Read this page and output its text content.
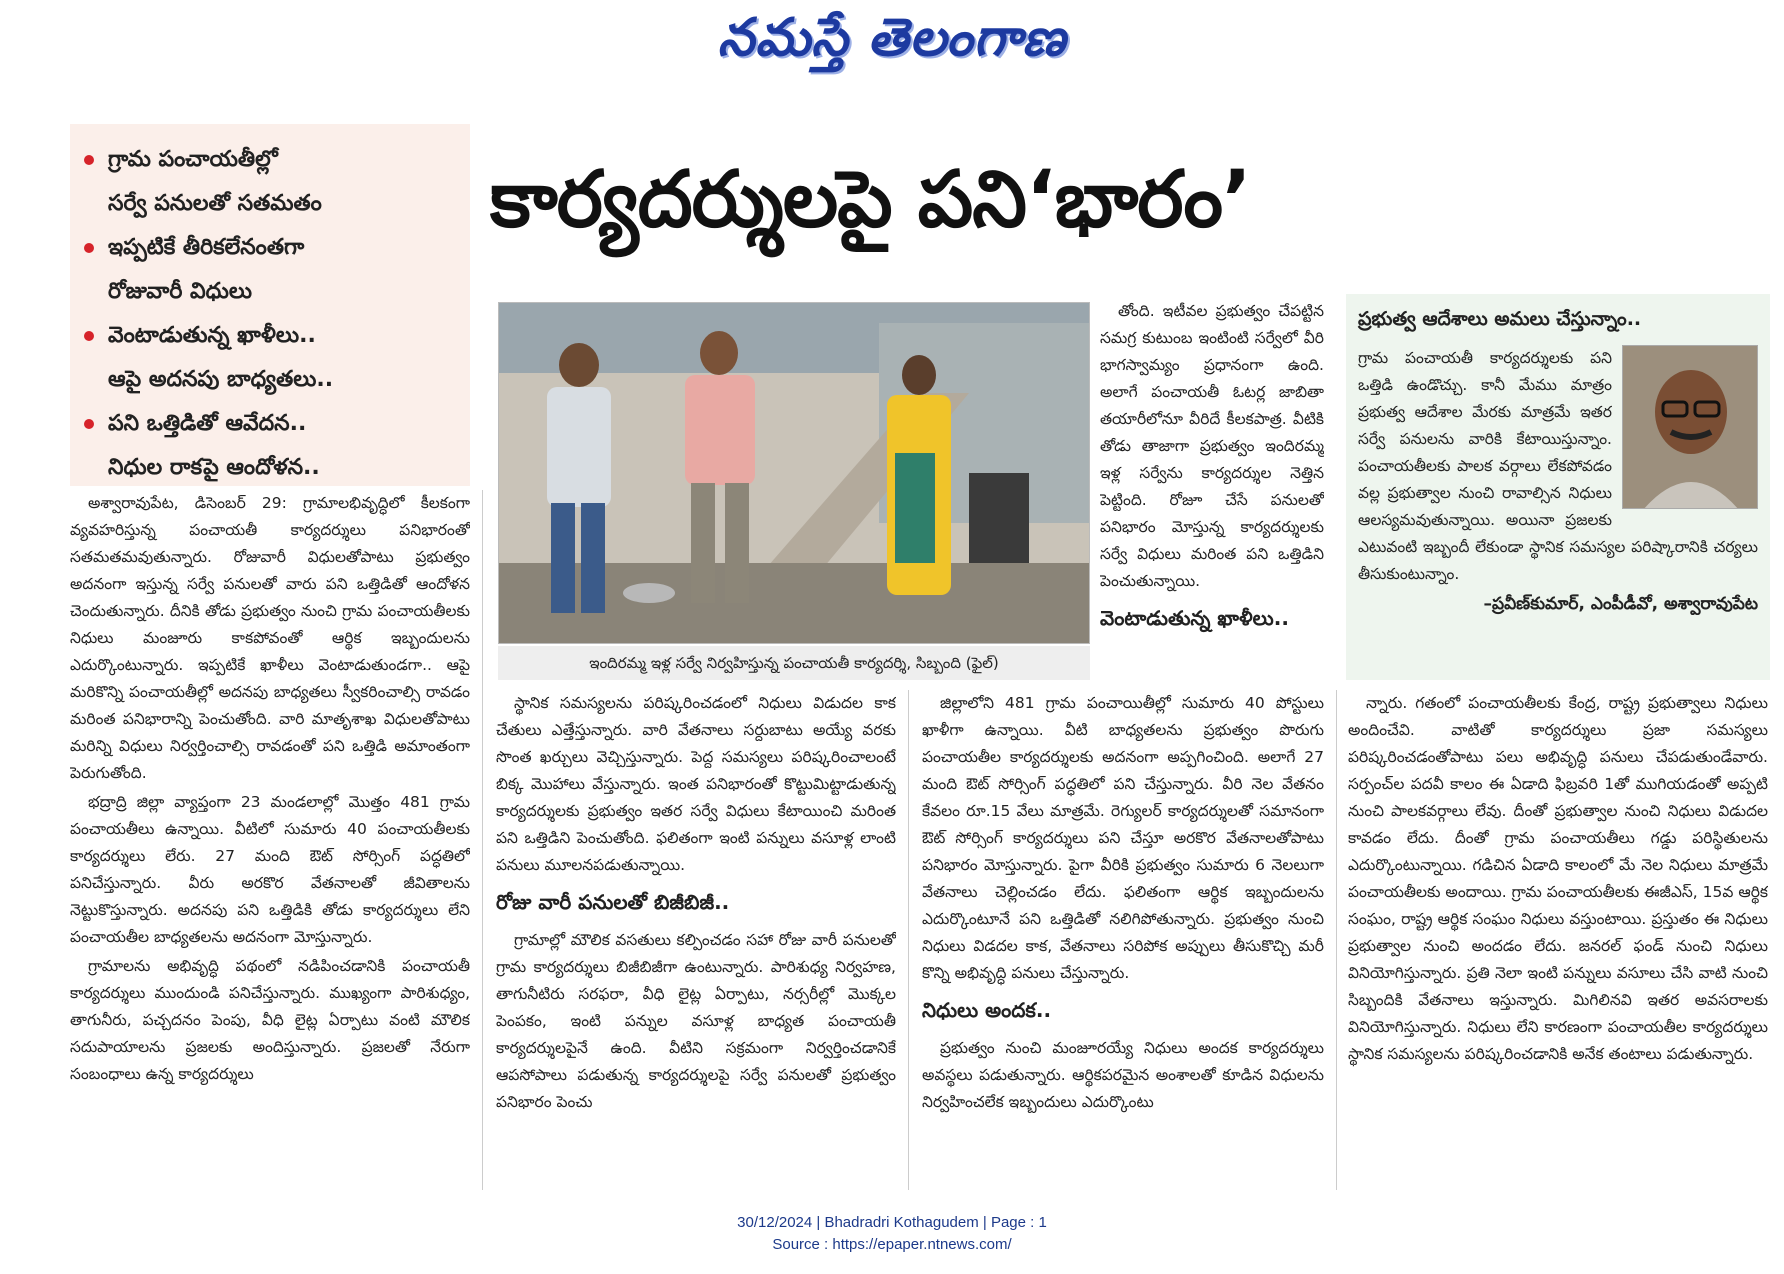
నమస్తే తెలంగాణ
గ్రామ పంచాయతీల్లో
సర్వే పనులతో సతమతం
ఇప్పటికే తీరికలేనంతగా
రోజువారీ విధులు
వెంటాడుతున్న ఖాళీలు..
ఆపై అదనపు బాధ్యతలు..
పని ఒత్తిడితో ఆవేదన..
నిధుల రాకపై ఆందోళన..
కార్యదర్శులపై పని‘భారం’
ఇందిరమ్మ ఇళ్ల సర్వే నిర్వహిస్తున్న పంచాయతీ కార్యదర్శి, సిబ్బంది (ఫైల్)

అశ్వారావుపేట, డిసెంబర్ 29: గ్రామాలభివృద్ధిలో కీలకంగా వ్యవహరిస్తున్న పంచాయతీ కార్యదర్శులు పనిభారంతో సతమతమవుతున్నారు. రోజువారీ విధులతోపాటు ప్రభుత్వం అదనంగా ఇస్తున్న సర్వే పనులతో వారు పని ఒత్తిడితో ఆందోళన చెందుతున్నారు. దీనికి తోడు ప్రభుత్వం నుంచి గ్రామ పంచాయతీలకు నిధులు మంజూరు కాకపోవంతో ఆర్థిక ఇబ్బందులను ఎదుర్కొంటున్నారు. ఇప్పటికే ఖాళీలు వెంటాడుతుండగా.. ఆపై మరికొన్ని పంచాయతీల్లో అదనపు బాధ్యతలు స్వీకరించాల్సి రావడం మరింత పనిభారాన్ని పెంచుతోంది. వారి మాతృశాఖ విధులతోపాటు మరిన్ని విధులు నిర్వర్తించాల్సి రావడంతో పని ఒత్తిడి అమాంతంగా పెరుగుతోంది.

భద్రాద్రి జిల్లా వ్యాప్తంగా 23 మండలాల్లో మొత్తం 481 గ్రామ పంచాయతీలు ఉన్నాయి. వీటిలో సుమారు 40 పంచాయతీలకు కార్యదర్శులు లేరు. 27 మంది ఔట్ సోర్సింగ్ పద్ధతిలో పనిచేస్తున్నారు. వీరు అరకొర వేతనాలతో జీవితాలను నెట్టుకొస్తున్నారు. అదనపు పని ఒత్తిడికి తోడు కార్యదర్శులు లేని పంచాయతీల బాధ్యతలను అదనంగా మోస్తున్నారు.

గ్రామాలను అభివృద్ధి పథంలో నడిపించడానికి పంచాయతీ కార్యదర్శులు ముందుండి పనిచేస్తున్నారు. ముఖ్యంగా పారిశుధ్యం, తాగునీరు, పచ్చదనం పెంపు, వీధి లైట్ల ఏర్పాటు వంటి మౌలిక సదుపాయాలను ప్రజలకు అందిస్తున్నారు. ప్రజలతో నేరుగా సంబంధాలు ఉన్న కార్యదర్శులు

స్థానిక సమస్యలను పరిష్కరించడంలో నిధులు విడుదల కాక చేతులు ఎత్తేస్తున్నారు. వారి వేతనాలు సర్దుబాటు అయ్యే వరకు సొంత ఖర్చులు వెచ్చిస్తున్నారు. పెద్ద సమస్యలు పరిష్కరించాలంటే బిక్క మొహాలు వేస్తున్నారు. ఇంత పనిభారంతో కొట్టుమిట్టాడుతున్న కార్యదర్శులకు ప్రభుత్వం ఇతర సర్వే విధులు కేటాయించి మరింత పని ఒత్తిడిని పెంచుతోంది. ఫలితంగా ఇంటి పన్నులు వసూళ్ల లాంటి పనులు మూలనపడుతున్నాయి.

రోజు వారీ పనులతో బిజీబిజీ..

గ్రామాల్లో మౌలిక వసతులు కల్పించడం సహా రోజు వారీ పనులతో గ్రామ కార్యదర్శులు బిజీబిజీగా ఉంటున్నారు. పారిశుధ్య నిర్వహణ, తాగునీటిరు సరఫరా, వీధి లైట్ల ఏర్పాటు, నర్సరీల్లో మొక్కల పెంపకం, ఇంటి పన్నుల వసూళ్ల బాధ్యత పంచాయతీ కార్యదర్శులపైనే ఉంది. వీటిని సక్రమంగా నిర్వర్తించడానికే ఆపసోపాలు పడుతున్న కార్యదర్శులపై సర్వే పనులతో ప్రభుత్వం పనిభారం పెంచు

తోంది. ఇటీవల ప్రభుత్వం చేపట్టిన సమగ్ర కుటుంబ ఇంటింటి సర్వేలో వీరి భాగస్వామ్యం ప్రధానంగా ఉంది. అలాగే పంచాయతీ ఓటర్ల జాబితా తయారీలోనూ వీరిదే కీలకపాత్ర. వీటికి తోడు తాజాగా ప్రభుత్వం ఇందిరమ్మ ఇళ్ల సర్వేను కార్యదర్శుల నెత్తిన పెట్టింది. రోజూ చేసే పనులతో పనిభారం మోస్తున్న కార్యదర్శులకు సర్వే విధులు మరింత పని ఒత్తిడిని పెంచుతున్నాయి.

వెంటాడుతున్న ఖాళీలు..

జిల్లాలోని 481 గ్రామ పంచాయితీల్లో సుమారు 40 పోస్టులు ఖాళీగా ఉన్నాయి. వీటి బాధ్యతలను ప్రభుత్వం పొరుగు పంచాయతీల కార్యదర్శులకు అదనంగా అప్పగించింది. అలాగే 27 మంది ఔట్ సోర్సింగ్ పద్ధతిలో పని చేస్తున్నారు. వీరి నెల వేతనం కేవలం రూ.15 వేలు మాత్రమే. రెగ్యులర్ కార్యదర్శులతో సమానంగా ఔట్ సోర్సింగ్ కార్యదర్శులు పని చేస్తూ అరకొర వేతనాలతోపాటు పనిభారం మోస్తున్నారు. పైగా వీరికి ప్రభుత్వం సుమారు 6 నెలలుగా వేతనాలు చెల్లించడం లేదు. ఫలితంగా ఆర్థిక ఇబ్బందులను ఎదుర్కొంటూనే పని ఒత్తిడితో నలిగిపోతున్నారు. ప్రభుత్వం నుంచి నిధులు విడదల కాక, వేతనాలు సరిపోక అప్పులు తీసుకొచ్చి మరీ కొన్ని అభివృద్ధి పనులు చేస్తున్నారు.

నిధులు అందక..

ప్రభుత్వం నుంచి మంజూరయ్యే నిధులు అందక కార్యదర్శులు అవస్థలు పడుతున్నారు. ఆర్థికపరమైన అంశాలతో కూడిన విధులను నిర్వహించలేక ఇబ్బందులు ఎదుర్కొంటు

ప్రభుత్వ ఆదేశాలు అమలు చేస్తున్నాం..
గ్రామ పంచాయతీ కార్యదర్శులకు పని ఒత్తిడి ఉండొచ్చు. కానీ మేము మాత్రం ప్రభుత్వ ఆదేశాల మేరకు మాత్రమే ఇతర సర్వే పనులను వారికి కేటాయిస్తున్నాం. పంచాయతీలకు పాలక వర్గాలు లేకపోవడం వల్ల ప్రభుత్వాల నుంచి రావాల్సిన నిధులు ఆలస్యమవుతున్నాయి. అయినా ప్రజలకు ఎటువంటి ఇబ్బందీ లేకుండా స్థానిక సమస్యల పరిష్కారానికి చర్యలు తీసుకుంటున్నాం.
–ప్రవీణ్‌కుమార్, ఎంపీడీవో, అశ్వారావుపేట

న్నారు. గతంలో పంచాయతీలకు కేంద్ర, రాష్ట్ర ప్రభుత్వాలు నిధులు అందించేవి. వాటితో కార్యదర్శులు ప్రజా సమస్యలు పరిష్కరించడంతోపాటు పలు అభివృద్ధి పనులు చేపడుతుండేవారు. సర్పంచ్‌ల పదవీ కాలం ఈ ఏడాది ఫిబ్రవరి 1తో ముగియడంతో అప్పటి నుంచి పాలకవర్గాలు లేవు. దీంతో ప్రభుత్వాల నుంచి నిధులు విడుదల కావడం లేదు. దీంతో గ్రామ పంచాయతీలు గడ్డు పరిస్థితులను ఎదుర్కొంటున్నాయి. గడిచిన ఏడాది కాలంలో మే నెల నిధులు మాత్రమే పంచాయతీలకు అందాయి. గ్రామ పంచాయతీలకు ఈజీఎస్, 15వ ఆర్థిక సంఘం, రాష్ట్ర ఆర్థిక సంఘం నిధులు వస్తుంటాయి. ప్రస్తుతం ఈ నిధులు ప్రభుత్వాల నుంచి అందడం లేదు. జనరల్ ఫండ్ నుంచి నిధులు వినియోగిస్తున్నారు. ప్రతి నెలా ఇంటి పన్నులు వసూలు చేసి వాటి నుంచి సిబ్బందికి వేతనాలు ఇస్తున్నారు. మిగిలినవి ఇతర అవసరాలకు వినియోగిస్తున్నారు. నిధులు లేని కారణంగా పంచాయతీల కార్యదర్శులు స్థానిక సమస్యలను పరిష్కరించడానికి అనేక తంటాలు పడుతున్నారు.

30/12/2024 | Bhadradri Kothagudem | Page : 1
Source : https://epaper.ntnews.com/
